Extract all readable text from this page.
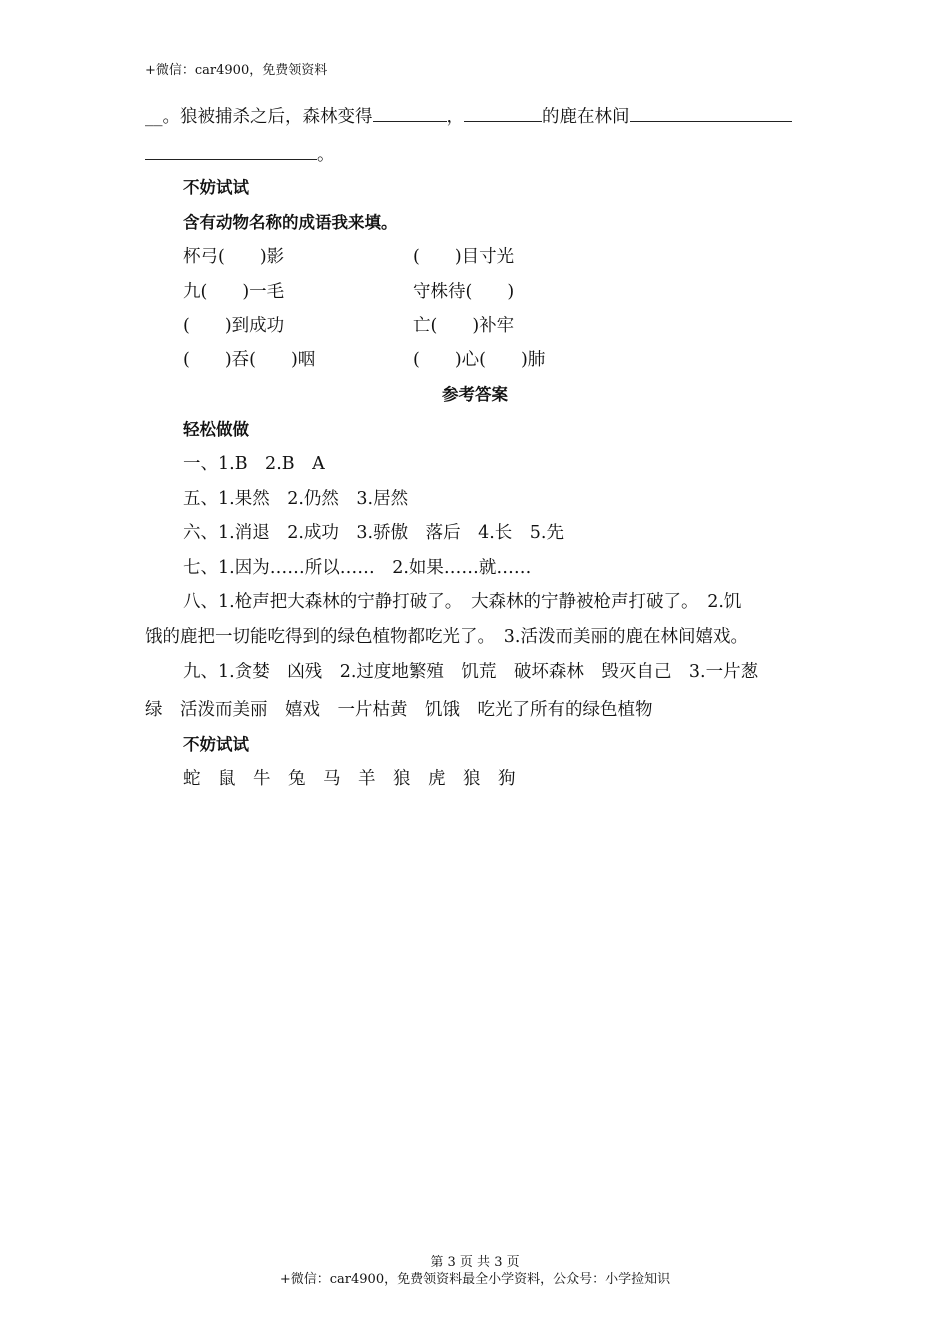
+微信：car4900，免费领资料
__。狼被捕杀之后，森林变得	，	的鹿在林间
。
不妨试试
含有动物名称的成语我来填。
杯弓(　　)影	(　　)目寸光
九(　　)一毛	守株待(　　)
(　　)到成功	亡(　　)补牢
(　　)吞(　　)咽	(　　)心(　　)肺
参考答案
轻松做做
一、1.B　2.B　A
五、1.果然　2.仍然　3.居然
六、1.消退　2.成功　3.骄傲　落后　4.长　5.先
七、1.因为……所以……　2.如果……就……
八、1.枪声把大森林的宁静打破了。　大森林的宁静被枪声打破了。　2.饥
饿的鹿把一切能吃得到的绿色植物都吃光了。　3.活泼而美丽的鹿在林间嬉戏。
九、1.贪婪　凶残　2.过度地繁殖　饥荒　破坏森林　毁灭自己　3.一片葱
绿　活泼而美丽　嬉戏　一片枯黄　饥饿　吃光了所有的绿色植物
不妨试试
蛇　鼠　牛　兔　马　羊　狼　虎　狼　狗
第 3 页 共 3 页
+微信：car4900，免费领资料最全小学资料，公众号：小学捡知识
